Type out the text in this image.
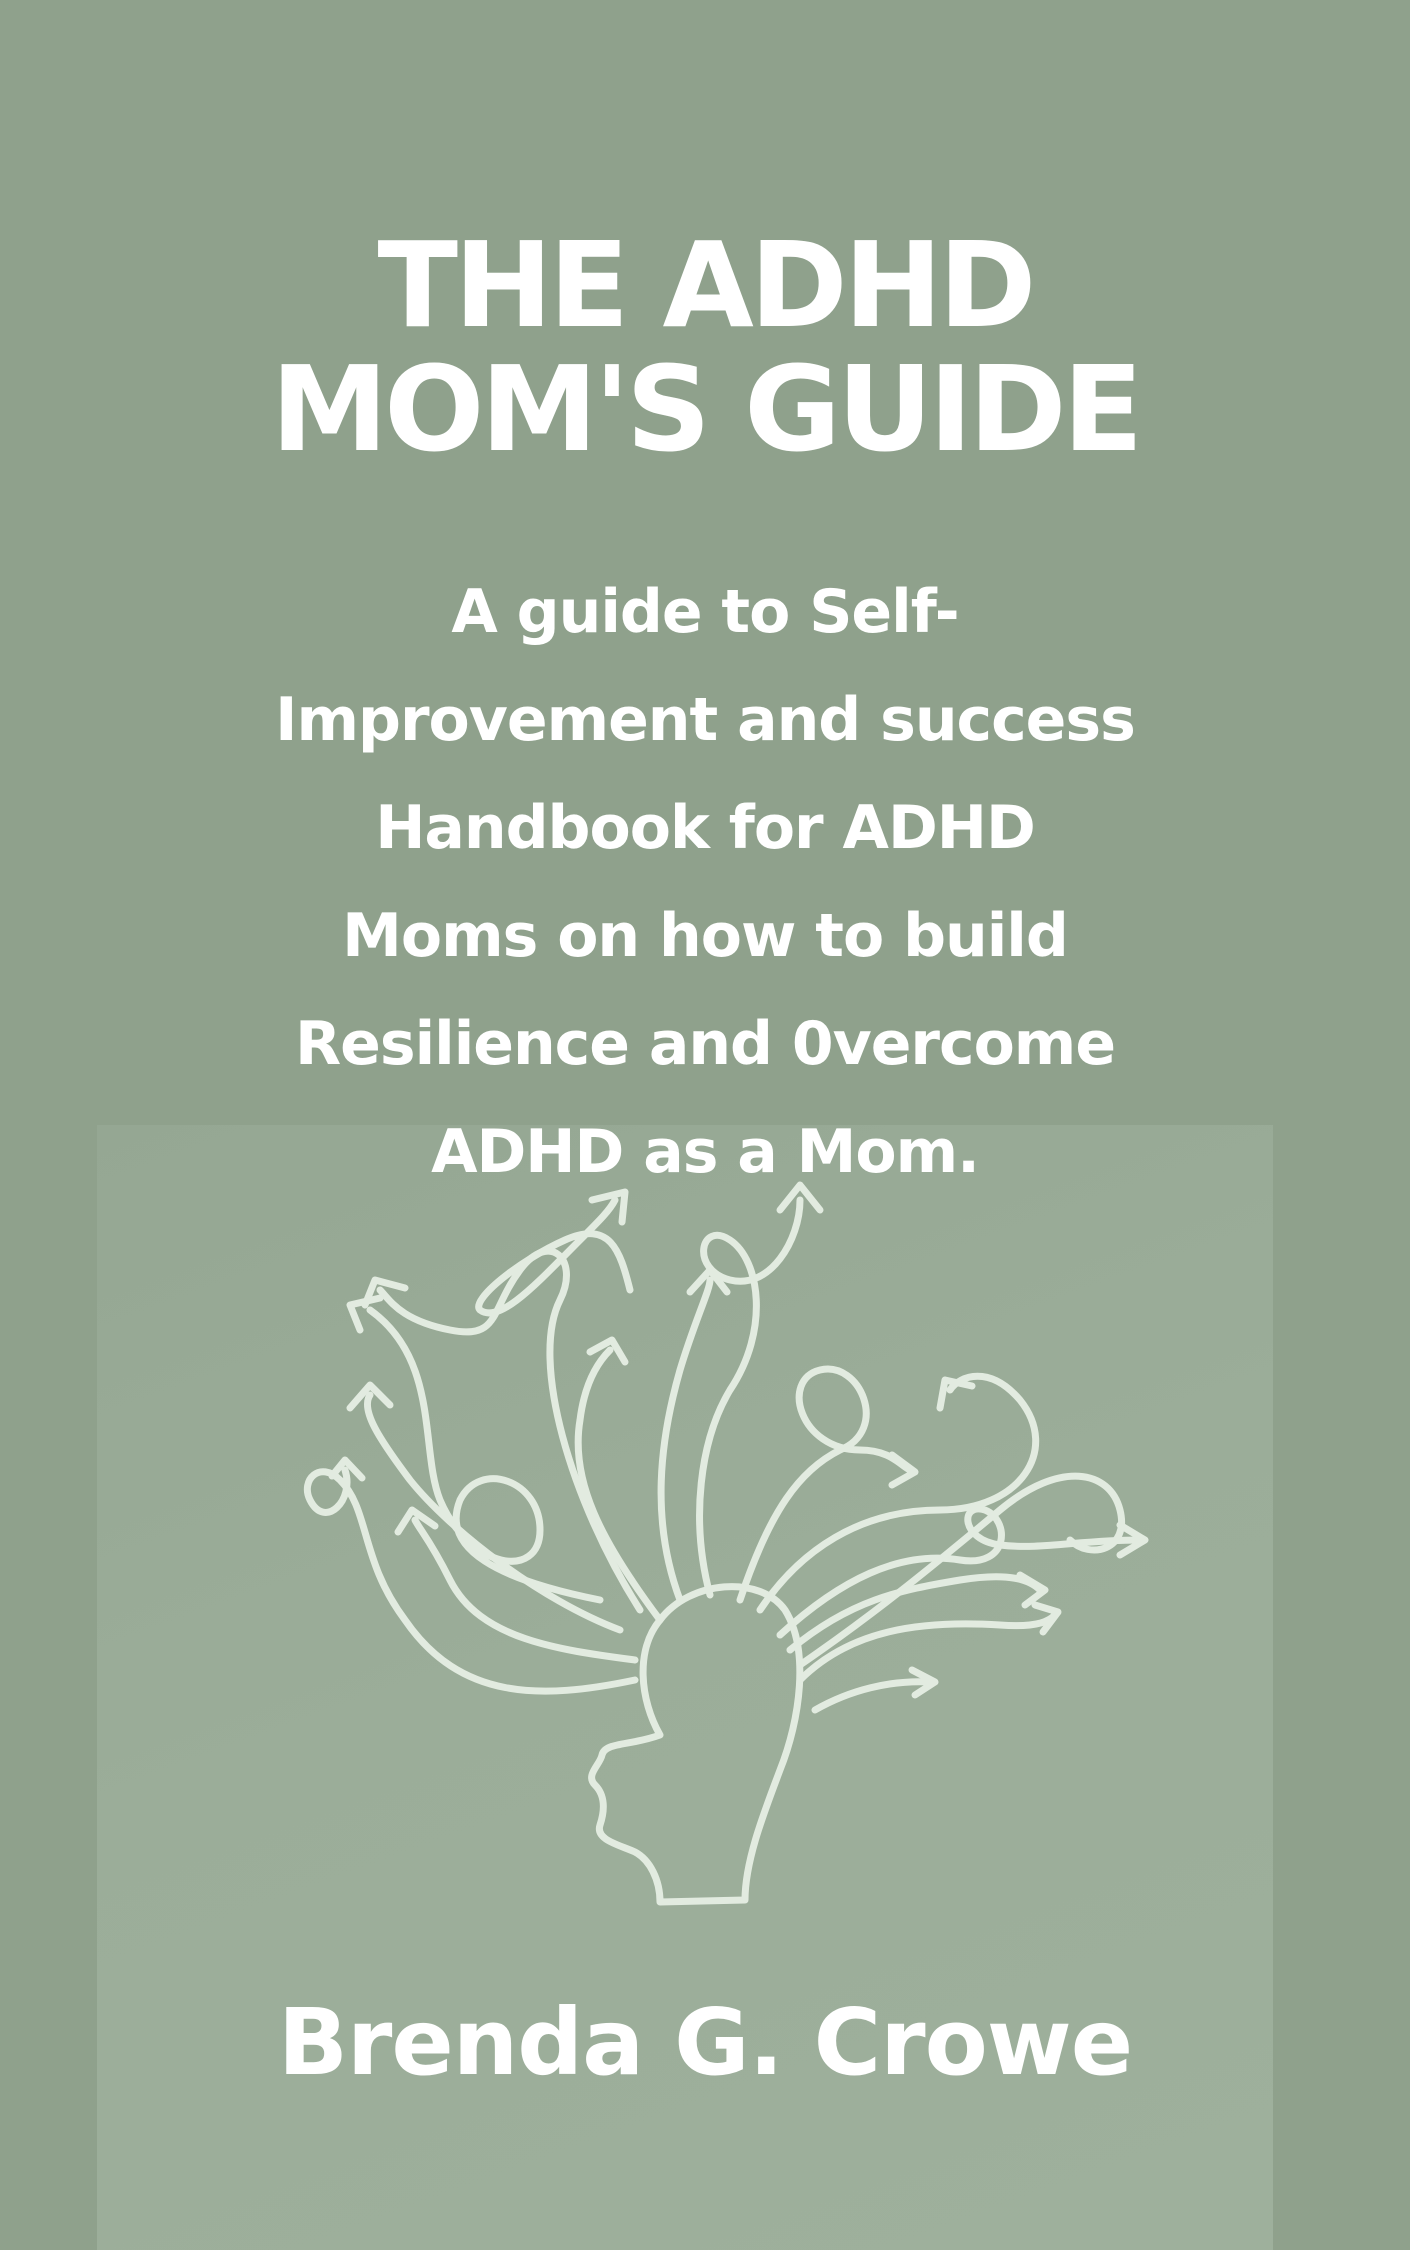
THE ADHD
MOM'S GUIDE
A guide to Self-
Improvement and success
Handbook for ADHD
Moms on how to build
Resilience and 0vercome
ADHD as a Mom.
Brenda G. Crowe
